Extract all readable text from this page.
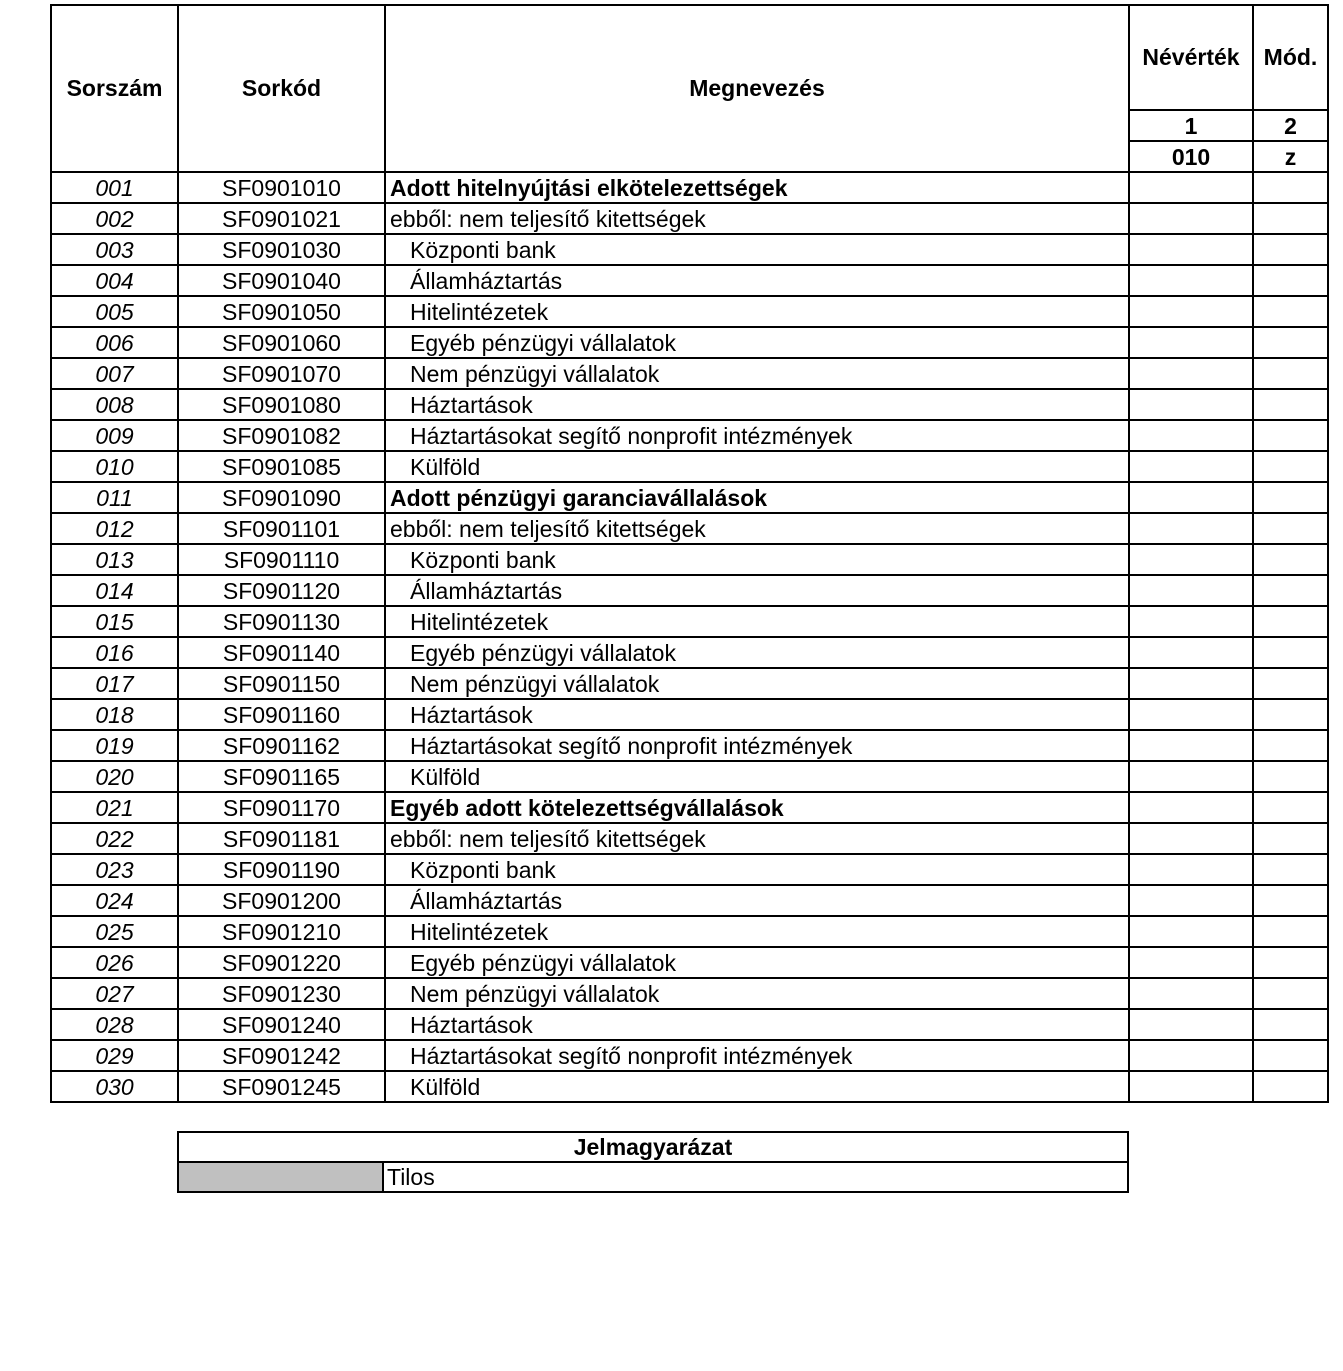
Sorszám	Sorkód	Megnevezés	Névérték	Mód.
			1	2
			010	z
001	SF0901010	Adott hitelnyújtási elkötelezettségek		
002	SF0901021	ebből: nem teljesítő kitettségek		
003	SF0901030	Központi bank		
004	SF0901040	Államháztartás		
005	SF0901050	Hitelintézetek		
006	SF0901060	Egyéb pénzügyi vállalatok		
007	SF0901070	Nem pénzügyi vállalatok		
008	SF0901080	Háztartások		
009	SF0901082	Háztartásokat segítő nonprofit intézmények		
010	SF0901085	Külföld		
011	SF0901090	Adott pénzügyi garanciavállalások		
012	SF0901101	ebből: nem teljesítő kitettségek		
013	SF0901110	Központi bank		
014	SF0901120	Államháztartás		
015	SF0901130	Hitelintézetek		
016	SF0901140	Egyéb pénzügyi vállalatok		
017	SF0901150	Nem pénzügyi vállalatok		
018	SF0901160	Háztartások		
019	SF0901162	Háztartásokat segítő nonprofit intézmények		
020	SF0901165	Külföld		
021	SF0901170	Egyéb adott kötelezettségvállalások		
022	SF0901181	ebből: nem teljesítő kitettségek		
023	SF0901190	Központi bank		
024	SF0901200	Államháztartás		
025	SF0901210	Hitelintézetek		
026	SF0901220	Egyéb pénzügyi vállalatok		
027	SF0901230	Nem pénzügyi vállalatok		
028	SF0901240	Háztartások		
029	SF0901242	Háztartásokat segítő nonprofit intézmények		
030	SF0901245	Külföld		
Jelmagyarázat
	Tilos
